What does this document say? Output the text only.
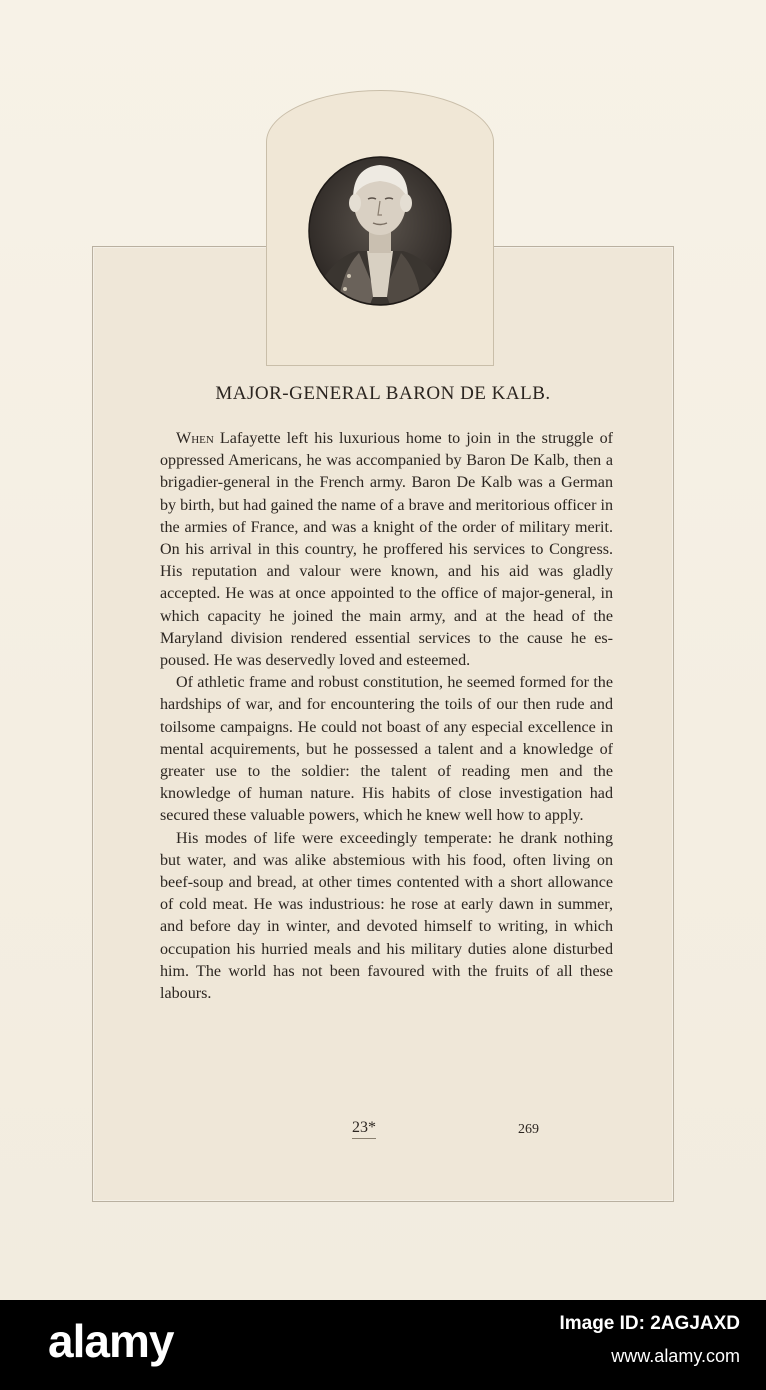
MAJOR-GENERAL BARON DE KALB.

When Lafayette left his luxurious home to join in the struggle of oppressed Americans, he was accompanied by Baron De Kalb, then a brigadier-general in the French army. Baron De Kalb was a German by birth, but had gained the name of a brave and meritorious officer in the armies of France, and was a knight of the order of military merit. On his arrival in this country, he proffered his services to Congress. His reputation and valour were known, and his aid was gladly accepted. He was at once appointed to the office of major-general, in which capacity he joined the main army, and at the head of the Maryland division rendered essential services to the cause he espoused. He was deservedly loved and esteemed.

Of athletic frame and robust constitution, he seemed formed for the hardships of war, and for encountering the toils of our then rude and toilsome campaigns. He could not boast of any especial excellence in mental acquirements, but he possessed a talent and a knowledge of greater use to the soldier: the talent of reading men and the knowledge of human nature. His habits of close investigation had secured these valuable powers, which he knew well how to apply.

His modes of life were exceedingly temperate: he drank nothing but water, and was alike abstemious with his food, often living on beef-soup and bread, at other times contented with a short allowance of cold meat. He was industrious: he rose at early dawn in summer, and before day in winter, and devoted himself to writing, in which occupation his hurried meals and his military duties alone disturbed him. The world has not been favoured with the fruits of all these labours.

23*	269
alamy	Image ID: 2AGJAXD
www.alamy.com
